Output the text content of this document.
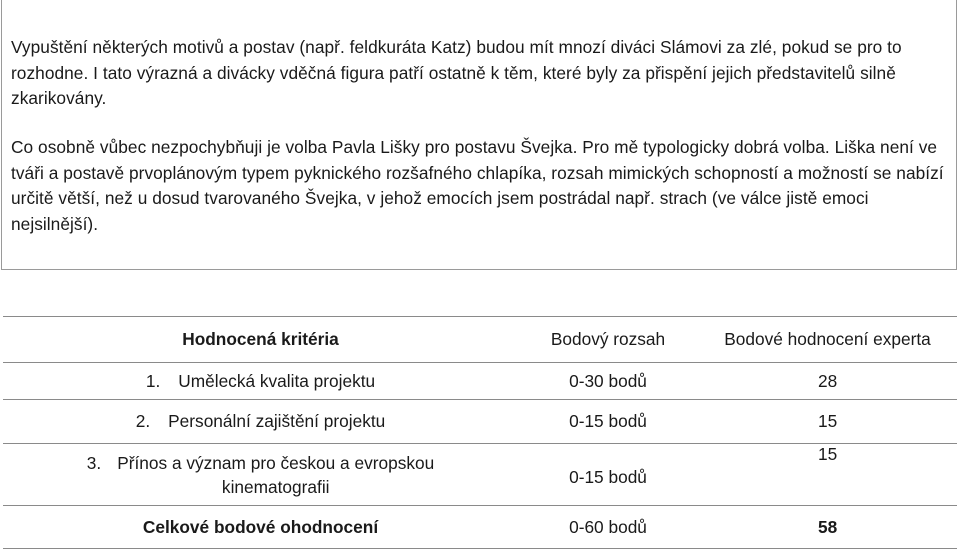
Vypuštění některých motivů a postav (např. feldkuráta Katz) budou mít mnozí diváci Slámovi za zlé, pokud se pro to rozhodne. I tato výrazná a divácky vděčná figura patří ostatně k těm, které byly za přispění jejich představitelů silně zkarikovány.

Co osobně vůbec nezpochybňuji je volba Pavla Lišky pro postavu Švejka. Pro mě typologicky dobrá volba. Liška není ve tváři a postavě prvoplánovým typem pyknického rozšafného chlapíka, rozsah mimických schopností a možností se nabízí určitě větší, než u dosud tvarovaného Švejka, v jehož emocích jsem postrádal např. strach (ve válce jistě emoci nejsilnější).

Hodnocená kritéria	Bodový rozsah	Bodové hodnocení experta
1. Umělecká kvalita projektu	0-30 bodů	28
2. Personální zajištění projektu	0-15 bodů	15
3. Přínos a význam pro českou a evropskou
kinematografii	0-15 bodů	15
Celkové bodové ohodnocení	0-60 bodů	58
